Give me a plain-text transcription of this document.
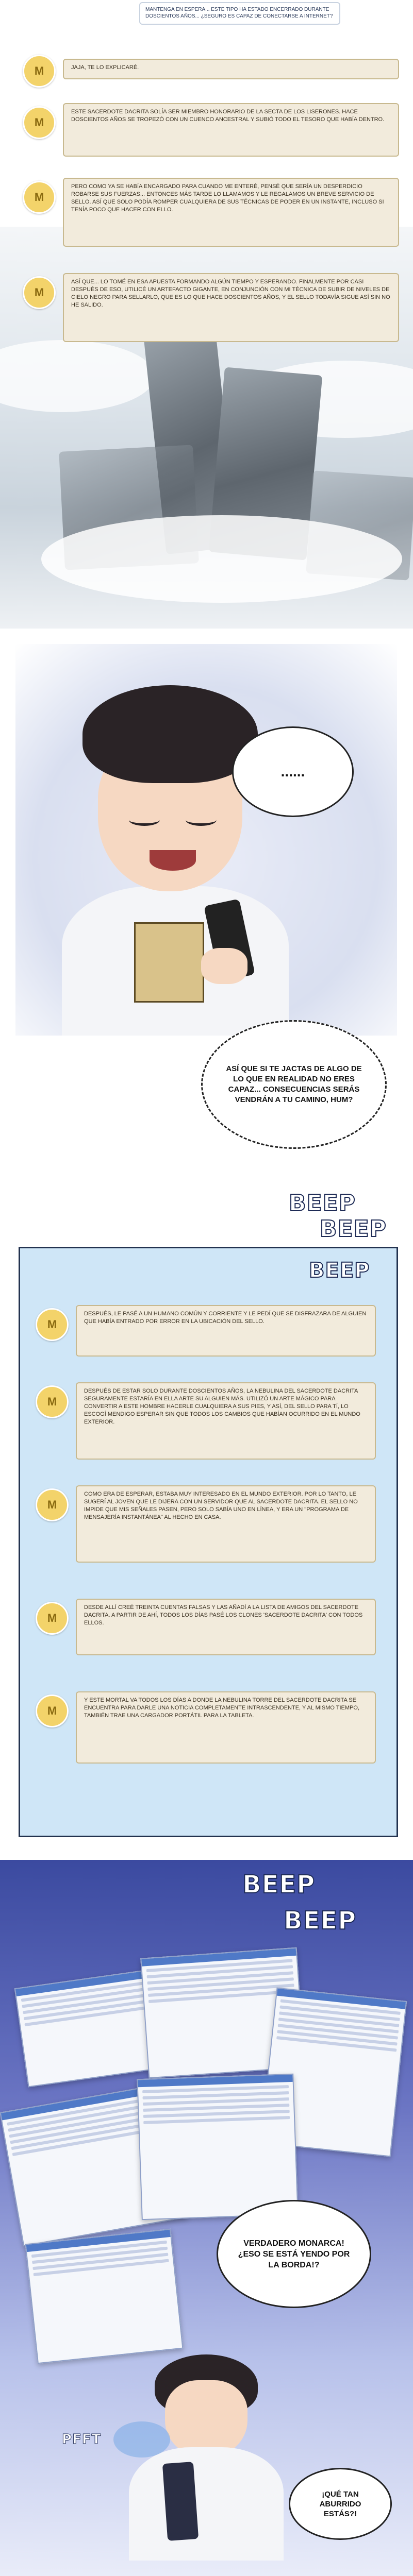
MANTENGA EN ESPERA... ESTE TIPO HA ESTADO ENCERRADO DURANTE DOSCIENTOS AÑOS... ¿SEGURO ES CAPAZ DE CONECTARSE A INTERNET?
M	JAJA, TE LO EXPLICARÉ.
M
ESTE SACERDOTE DACRITA SOLÍA SER MIEMBRO HONORARIO DE LA SECTA DE LOS LISERONES. HACE DOSCIENTOS AÑOS SE TROPEZÓ CON UN CUENCO ANCESTRAL Y SUBIÓ TODO EL TESORO QUE HABÍA DENTRO.
M
PERO COMO YA SE HABÍA ENCARGADO PARA CUANDO ME ENTERÉ, PENSÉ QUE SERÍA UN DESPERDICIO ROBARSE SUS FUERZAS... ENTONCES MÁS TARDE LO LLAMAMOS Y LE REGALAMOS UN BREVE SERVICIO DE SELLO. ASÍ QUE SOLO PODÍA ROMPER CUALQUIERA DE SUS TÉCNICAS DE PODER EN UN INSTANTE, INCLUSO SI TENÍA POCO QUE HACER CON ELLO.
M
ASÍ QUE... LO TOMÉ EN ESA APUESTA FORMANDO ALGÚN TIEMPO Y ESPERANDO. FINALMENTE POR CASI DESPUÉS DE ESO, UTILICÉ UN ARTEFACTO GIGANTE, EN CONJUNCIÓN CON MI TÉCNICA DE SUBIR DE NIVELES DE CIELO NEGRO PARA SELLARLO, QUE ES LO QUE HACE DOSCIENTOS AÑOS, Y EL SELLO TODAVÍA SIGUE ASÍ SIN NO HE SALIDO.
......
ASÍ QUE SI TE JACTAS DE ALGO DE LO QUE EN REALIDAD NO ERES CAPAZ... CONSECUENCIAS SERÁS VENDRÁN A TU CAMINO, HUM?
BEEP
BEEP
BEEP
M
DESPUÉS, LE PASÉ A UN HUMANO COMÚN Y CORRIENTE Y LE PEDÍ QUE SE DISFRAZARA DE ALGUIEN QUE HABÍA ENTRADO POR ERROR EN LA UBICACIÓN DEL SELLO.
M
DESPUÉS DE ESTAR SOLO DURANTE DOSCIENTOS AÑOS, LA NEBULINA DEL SACERDOTE DACRITA SEGURAMENTE ESTARÍA EN ELLA ARTE SU ALGUIEN MÁS. UTILIZÓ UN ARTE MÁGICO PARA CONVERTIR A ESTE HOMBRE HACERLE CUALQUIERA A SUS PIES, Y ASÍ, DEL SELLO PARA TÍ, LO ESCOGÍ MENDIGO ESPERAR SIN QUE TODOS LOS CAMBIOS QUE HABÍAN OCURRIDO EN EL MUNDO EXTERIOR.
M
COMO ERA DE ESPERAR, ESTABA MUY INTERESADO EN EL MUNDO EXTERIOR. POR LO TANTO, LE SUGERÍ AL JOVEN QUE LE DIJERA CON UN SERVIDOR QUE AL SACERDOTE DACRITA. EL SELLO NO IMPIDE QUE MIS SEÑALES PASEN, PERO SOLO SABÍA UNO EN LÍNEA, Y ERA UN "PROGRAMA DE MENSAJERÍA INSTANTÁNEA" AL HECHO EN CASA.
M
DESDE ALLÍ CREÉ TREINTA CUENTAS FALSAS Y LAS AÑADÍ A LA LISTA DE AMIGOS DEL SACERDOTE DACRITA. A PARTIR DE AHÍ, TODOS LOS DÍAS PASÉ LOS CLONES 'SACERDOTE DACRITA' CON TODOS ELLOS.
M
Y ESTE MORTAL VA TODOS LOS DÍAS A DONDE LA NEBULINA TORRE DEL SACERDOTE DACRITA SE ENCUENTRA PARA DARLE UNA NOTICIA COMPLETAMENTE INTRASCENDENTE, Y AL MISMO TIEMPO, TAMBIÉN TRAE UNA CARGADOR PORTÁTIL PARA LA TABLETA.
BEEP
BEEP
VERDADERO MONARCA! ¿ESO SE ESTÁ YENDO POR LA BORDA!?
PFFT
¡QUÉ TAN ABURRIDO ESTÁS?!
